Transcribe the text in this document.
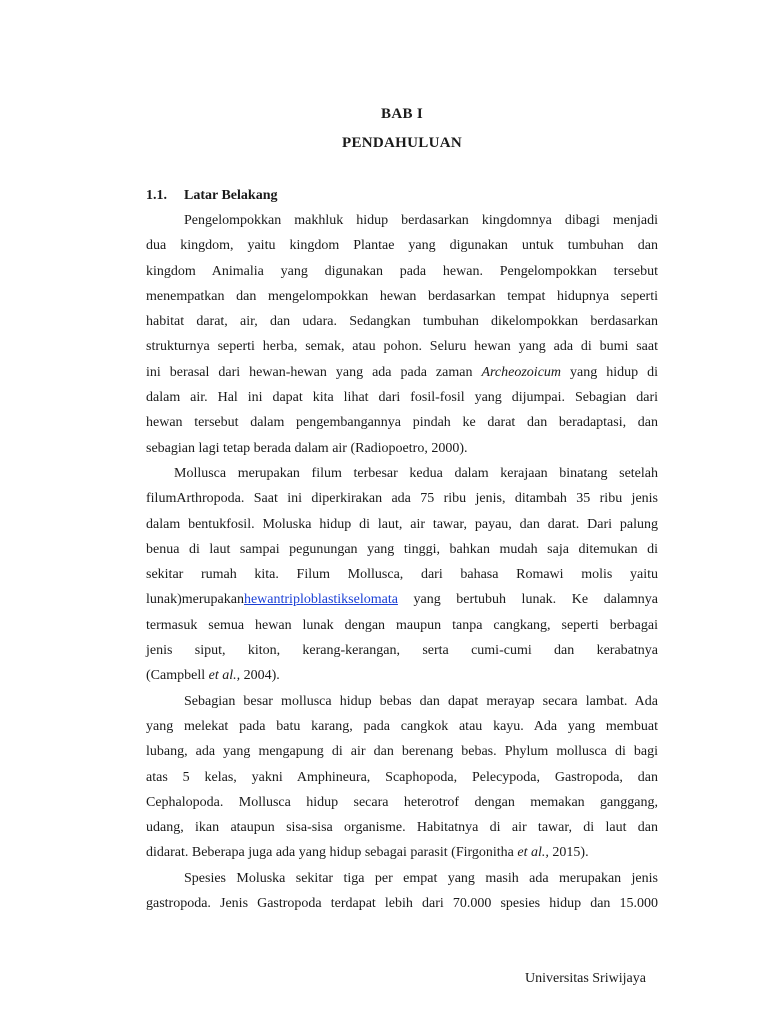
BAB I
PENDAHULUAN
1.1. Latar Belakang
Pengelompokkan makhluk hidup berdasarkan kingdomnya dibagi menjadi
dua kingdom, yaitu kingdom Plantae yang digunakan untuk tumbuhan dan
kingdom Animalia yang digunakan pada hewan. Pengelompokkan tersebut
menempatkan dan mengelompokkan hewan berdasarkan tempat hidupnya seperti
habitat darat, air, dan udara. Sedangkan tumbuhan dikelompokkan berdasarkan
strukturnya seperti herba, semak, atau pohon. Seluru hewan yang ada di bumi saat
ini berasal dari hewan-hewan yang ada pada zaman Archeozoicum yang hidup di
dalam air. Hal ini dapat kita lihat dari fosil-fosil yang dijumpai. Sebagian dari
hewan tersebut dalam pengembangannya pindah ke darat dan beradaptasi, dan
sebagian lagi tetap berada dalam air (Radiopoetro, 2000).
Mollusca merupakan filum terbesar kedua dalam kerajaan binatang setelah
filumArthropoda. Saat ini diperkirakan ada 75 ribu jenis, ditambah 35 ribu jenis
dalam bentukfosil. Moluska hidup di laut, air tawar, payau, dan darat. Dari palung
benua di laut sampai pegunungan yang tinggi, bahkan mudah saja ditemukan di
sekitar rumah kita. Filum Mollusca, dari bahasa Romawi molis yaitu
lunak)merupakanhewantriploblastikselomata yang bertubuh lunak. Ke dalamnya
termasuk semua hewan lunak dengan maupun tanpa cangkang, seperti berbagai
jenis siput, kiton, kerang-kerangan, serta cumi-cumi dan kerabatnya
(Campbell et al., 2004).
Sebagian besar mollusca hidup bebas dan dapat merayap secara lambat. Ada
yang melekat pada batu karang, pada cangkok atau kayu. Ada yang membuat
lubang, ada yang mengapung di air dan berenang bebas. Phylum mollusca di bagi
atas 5 kelas, yakni Amphineura, Scaphopoda, Pelecypoda, Gastropoda, dan
Cephalopoda. Mollusca hidup secara heterotrof dengan memakan ganggang,
udang, ikan ataupun sisa-sisa organisme. Habitatnya di air tawar, di laut dan
didarat. Beberapa juga ada yang hidup sebagai parasit (Firgonitha et al., 2015).
Spesies Moluska sekitar tiga per empat yang masih ada merupakan jenis
gastropoda. Jenis Gastropoda terdapat lebih dari 70.000 spesies hidup dan 15.000
Universitas Sriwijaya
